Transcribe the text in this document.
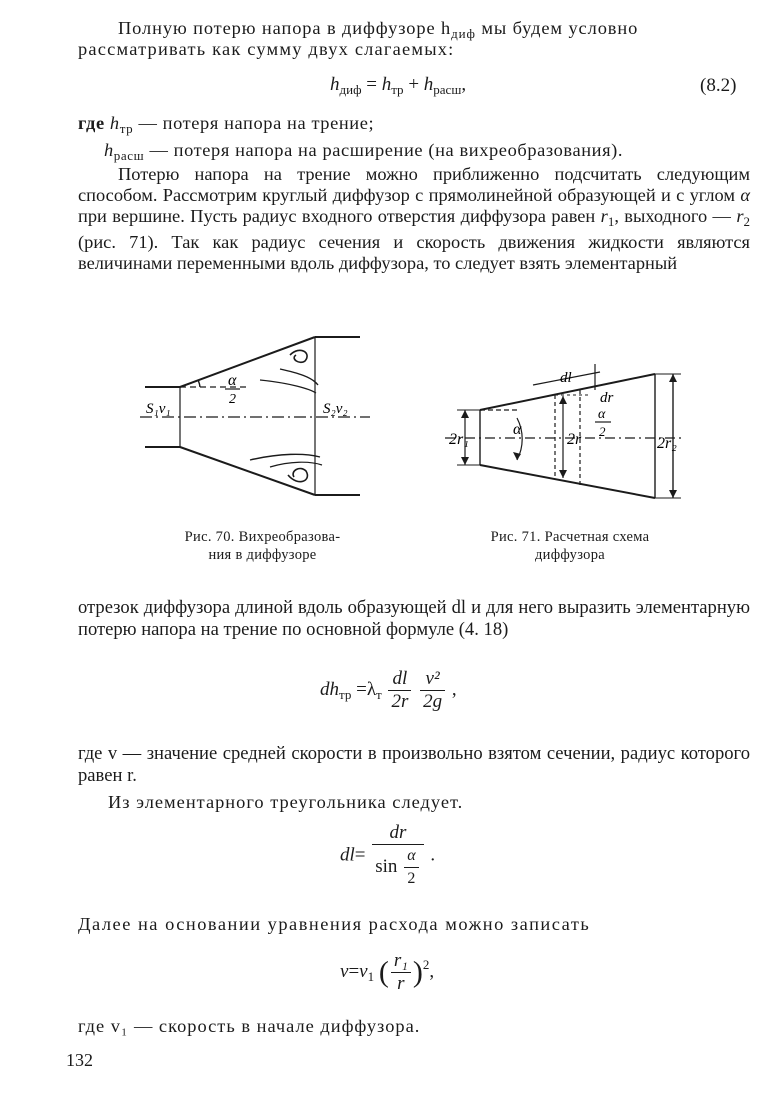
Полную потерю напора в диффузоре $h_{диф}$ мы будем условно

рассматривать как сумму двух слагаемых:

$h_{диф} = h_{тр} + h_{расш}$,	(8.2)

где $h_{тр}$ — потеря напора на трение;

$h_{расш}$ — потеря напора на расширение (на вихреобразования).

Потерю напора на трение можно приближенно подсчитать следующим способом. Рассмотрим круглый диффузор с прямолинейной образующей и с углом α при вершине. Пусть радиус входного отверстия диффузора равен $r_1$, выходного — $r_2$ (рис. 71). Так как радиус сечения и скорость движения жидкости являются величинами переменными вдоль диффузора, то следует взять элементарный

α
2
S₁v₁	S₂v₂
Рис. 70. Вихреобразова-
ния в диффузоре
dl
dr
α
2
α
2r₁	2r	2r₂
Рис. 71. Расчетная схема
диффузора

отрезок диффузора длиной вдоль образующей dl и для него выразить элементарную потерю напора на трение по основной формуле (4. 18)

$dh_{тр} =\lambda_т \frac{dl}{2r}$
$\frac{\text{v²}}{2g}$ ,

где v — значение средней скорости в произвольно взятом сечении, радиус которого равен r.

Из элементарного треугольника следует.

$dl= \frac{dr}{\sin \frac{\alpha}{2}}$ .

Далее на основании уравнения расхода можно записать

$v=v_1$ ( $\frac{\text{r₁}}{r} )^2$,

где v₁ — скорость в начале диффузора.

132
